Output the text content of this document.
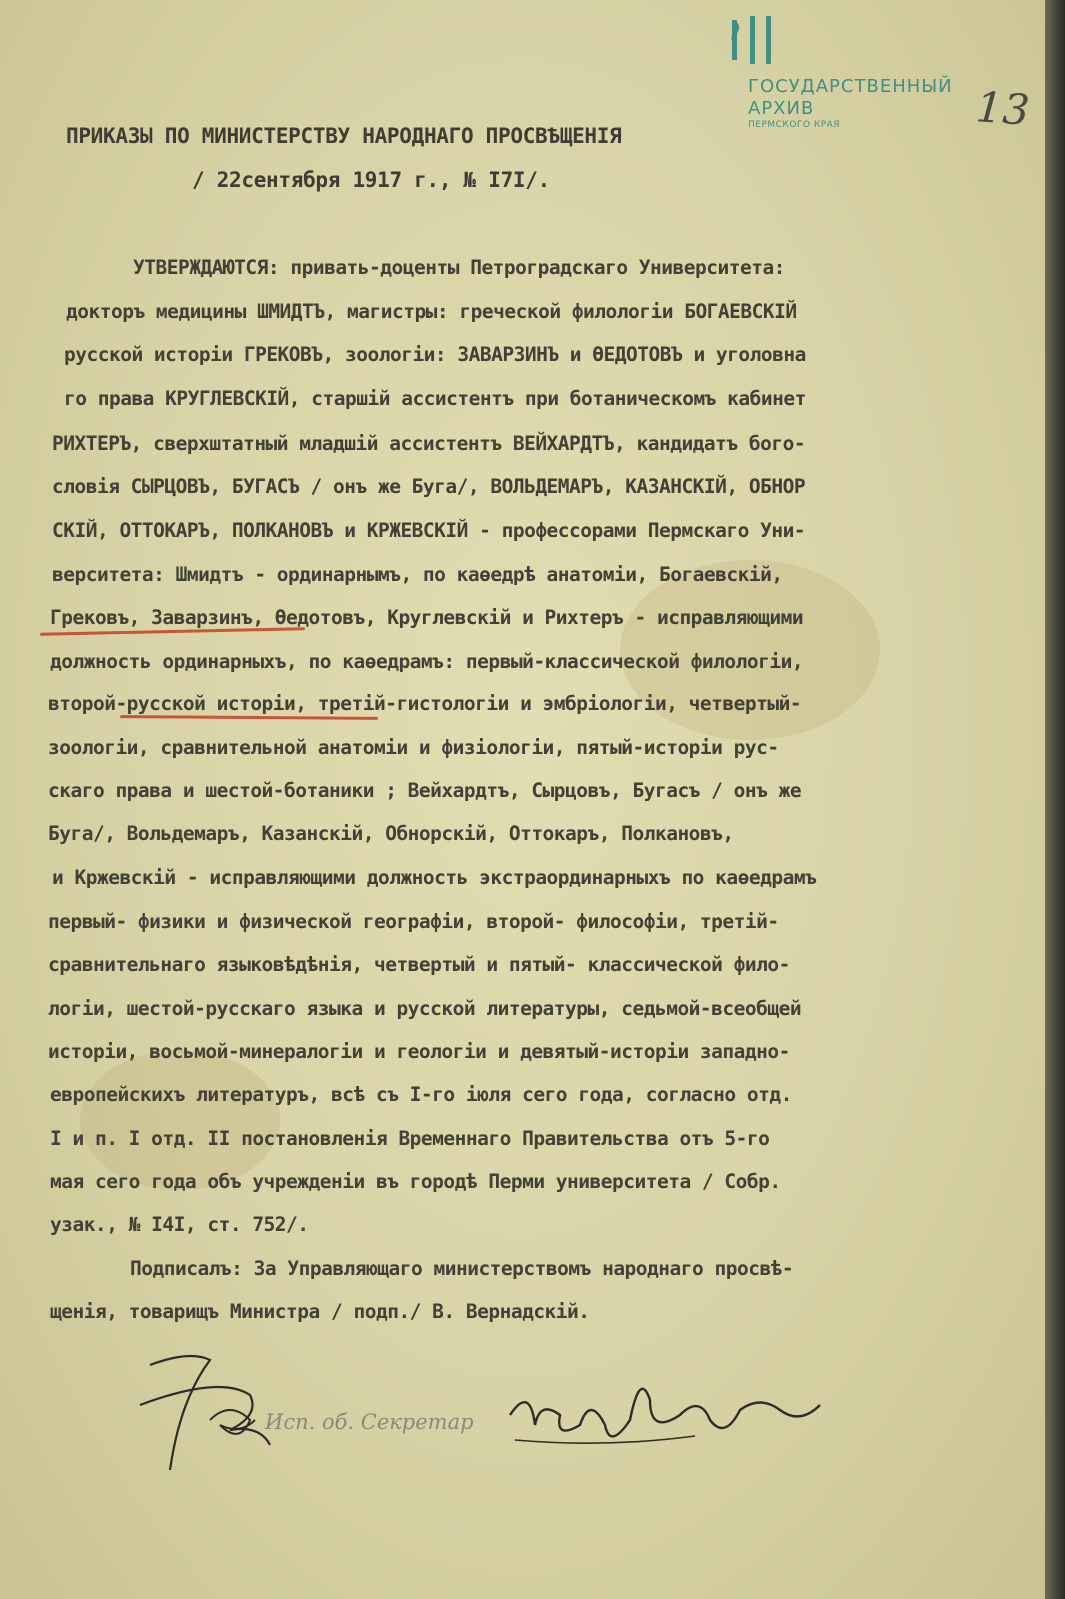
ГОСУДАРСТВЕННЫЙ
АРХИВ
ПЕРМСКОГО КРАЯ	13
ПРИКАЗЫ ПО МИНИСТЕРСТВУ НАРОДНАГО ПРОСВѢЩЕНIЯ
/ 22сентября 1917 г., № I7I/.
УТВЕРЖДАЮТСЯ: привать-доценты Петроградскаго Университета:
докторъ медицины ШМИДТЪ, магистры: греческой филологiи БОГАЕВСКIЙ
русской исторiи ГРЕКОВЪ, зоологiи: ЗАВАРЗИНЪ и ѲЕДОТОВЪ и уголовна
го права КРУГЛЕВСКIЙ, старшiй ассистентъ при ботаническомъ кабинет
РИХТЕРЪ, сверхштатный младшiй ассистентъ ВЕЙХАРДТЪ, кандидатъ бого-
словiя СЫРЦОВЪ, БУГАСЪ / онъ же Буга/, ВОЛЬДЕМАРЪ, КАЗАНСКIЙ, ОБНОР
СКIЙ, ОТТОКАРЪ, ПОЛКАНОВЪ и КРЖЕВСКIЙ - профессорами Пермскаго Уни-
верситета: Шмидтъ - ординарнымъ, по каѳедрѣ анатомiи, Богаевскiй,
Грековъ, Заварзинъ, Ѳедотовъ, Круглевскiй и Рихтеръ - исправляющими
должность ординарныхъ, по каѳедрамъ: первый-классической филологiи,
второй-русской исторiи, третiй-гистологiи и эмбрiологiи, четвертый-
зоологiи, сравнительной анатомiи и физiологiи, пятый-исторiи рус-
скаго права и шестой-ботаники ; Вейхардтъ, Сырцовъ, Бугасъ / онъ же
Буга/, Вольдемаръ, Казанскiй, Обнорскiй, Оттокаръ, Полкановъ,
и Кржевскiй - исправляющими должность экстраординарныхъ по каѳедрамъ
первый- физики и физической географiи, второй- философiи, третiй-
сравнительнаго языковѣдѣнiя, четвертый и пятый- классической фило-
логiи, шестой-русскаго языка и русской литературы, седьмой-всеобщей
исторiи, восьмой-минералогiи и геологiи и девятый-исторiи западно-
европейскихъ литературъ, всѣ съ I-го iюля сего года, согласно отд.
I и п. I отд. II постановленiя Временнаго Правительства отъ 5-го
мая сего года объ учрежденiи въ городѣ Перми университета / Собр.
узак., № I4I, ст. 752/.
Подписалъ: За Управляющаго министерствомъ народнаго просвѣ-
щенiя, товарищъ Министра / подп./ В. Вернадскiй.
Исп. об. Секретар
